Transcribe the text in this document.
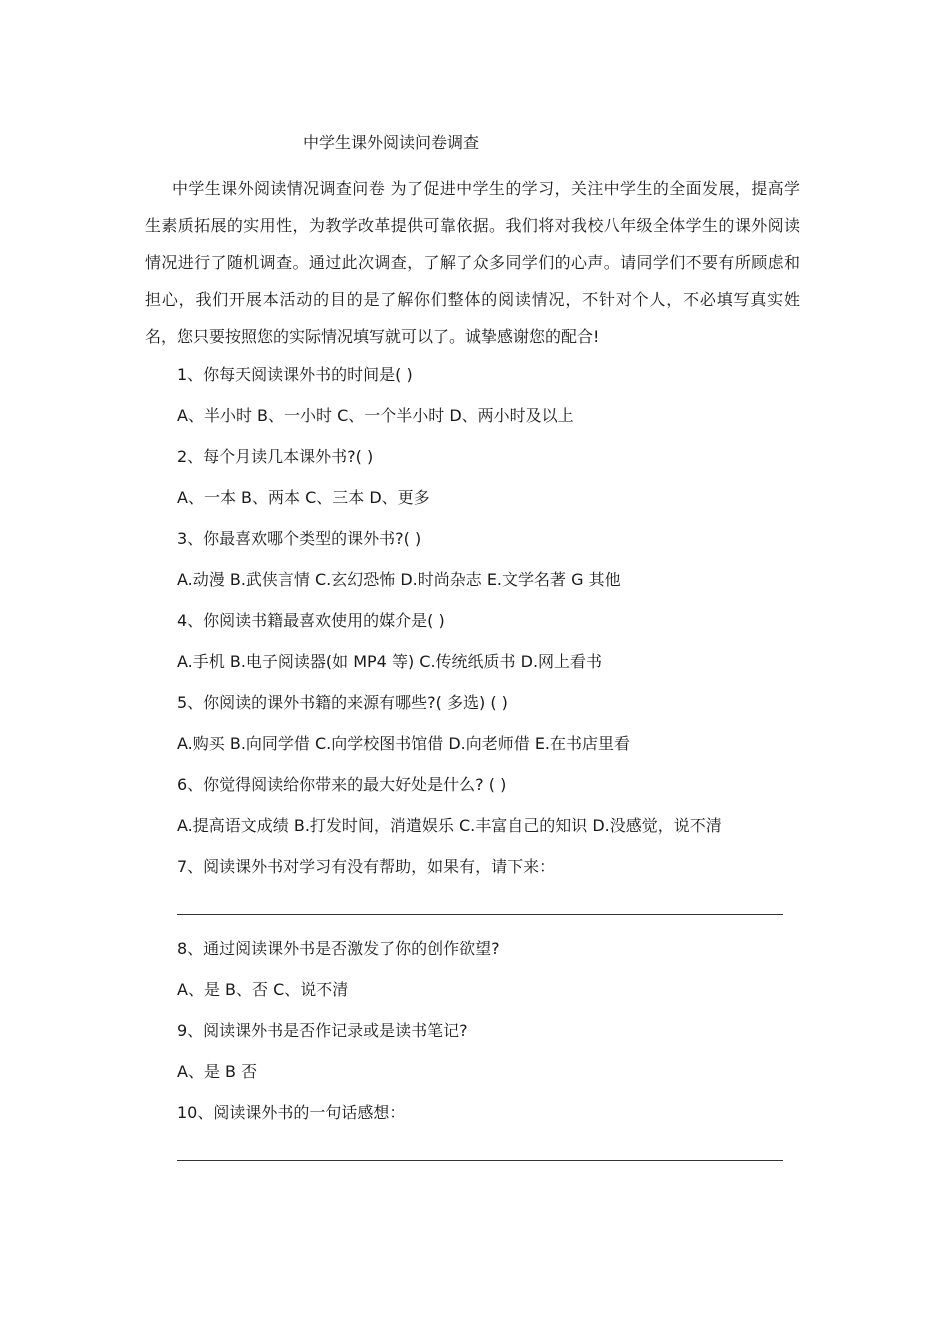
中学生课外阅读问卷调查
中学生课外阅读情况调查问卷 为了促进中学生的学习，关注中学生的全面发展，提高学生素质拓展的实用性，为教学改革提供可靠依据。我们将对我校八年级全体学生的课外阅读情况进行了随机调查。通过此次调查，了解了众多同学们的心声。请同学们不要有所顾虑和担心，我们开展本活动的目的是了解你们整体的阅读情况，不针对个人，不必填写真实姓名，您只要按照您的实际情况填写就可以了。诚挚感谢您的配合!
1、你每天阅读课外书的时间是( )
A、半小时 B、一小时 C、一个半小时 D、两小时及以上
2、每个月读几本课外书?( )
A、一本 B、两本 C、三本 D、更多
3、你最喜欢哪个类型的课外书?( )
A.动漫 B.武侠言情 C.玄幻恐怖 D.时尚杂志 E.文学名著 G 其他
4、你阅读书籍最喜欢使用的媒介是( )
A.手机 B.电子阅读器(如 MP4 等) C.传统纸质书 D.网上看书
5、你阅读的课外书籍的来源有哪些?( 多选) ( )
A.购买 B.向同学借 C.向学校图书馆借 D.向老师借 E.在书店里看
6、你觉得阅读给你带来的最大好处是什么? ( )
A.提高语文成绩 B.打发时间，消遣娱乐 C.丰富自己的知识 D.没感觉，说不清
7、阅读课外书对学习有没有帮助，如果有，请下来：
8、通过阅读课外书是否激发了你的创作欲望?
A、是 B、否 C、说不清
9、阅读课外书是否作记录或是读书笔记?
A、是 B 否
10、阅读课外书的一句话感想：
